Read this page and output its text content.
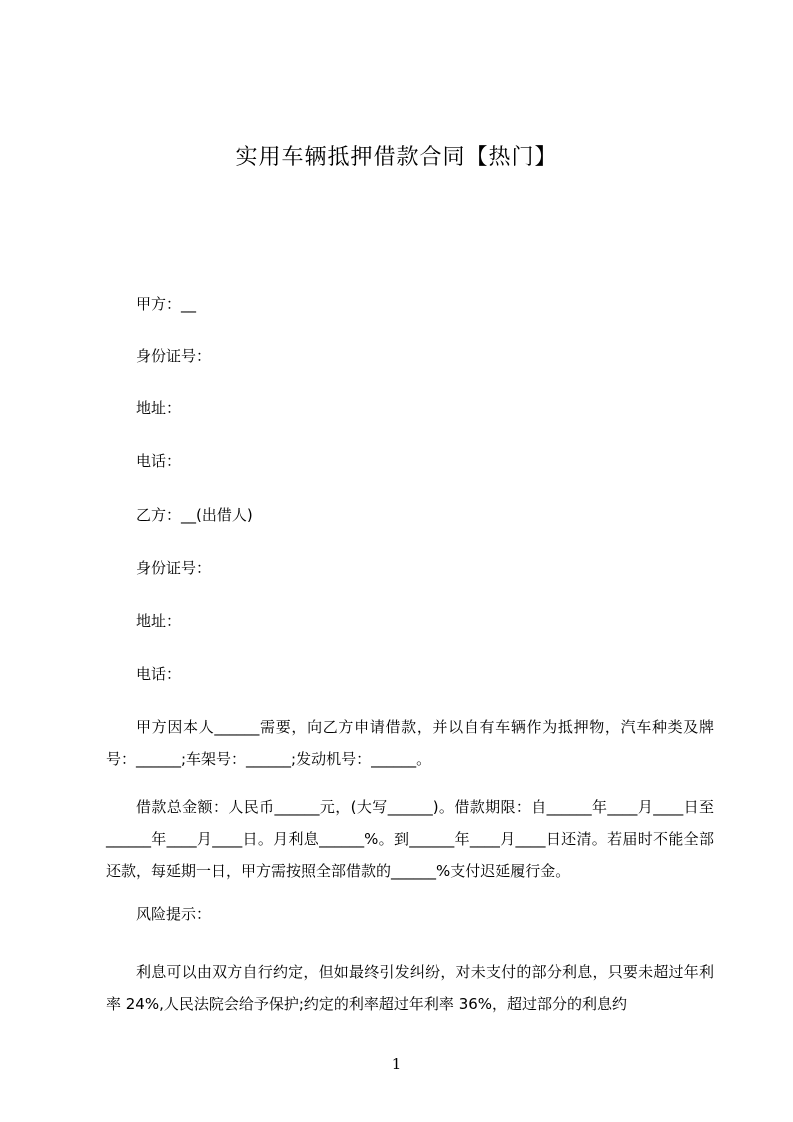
实用车辆抵押借款合同【热门】
甲方：__
身份证号：
地址：
电话：
乙方：__(出借人)
身份证号：
地址：
电话：
甲方因本人______需要，向乙方申请借款，并以自有车辆作为抵押物，汽车种类及牌号：______;车架号：______;发动机号：______。
借款总金额：人民币______元，(大写______)。借款期限：自______年____月____日至______年____月____日。月利息______%。到______年____月____日还清。若届时不能全部还款，每延期一日，甲方需按照全部借款的______%支付迟延履行金。
风险提示：
利息可以由双方自行约定，但如最终引发纠纷，对未支付的部分利息，只要未超过年利率 24%,人民法院会给予保护;约定的利率超过年利率 36%，超过部分的利息约
1
